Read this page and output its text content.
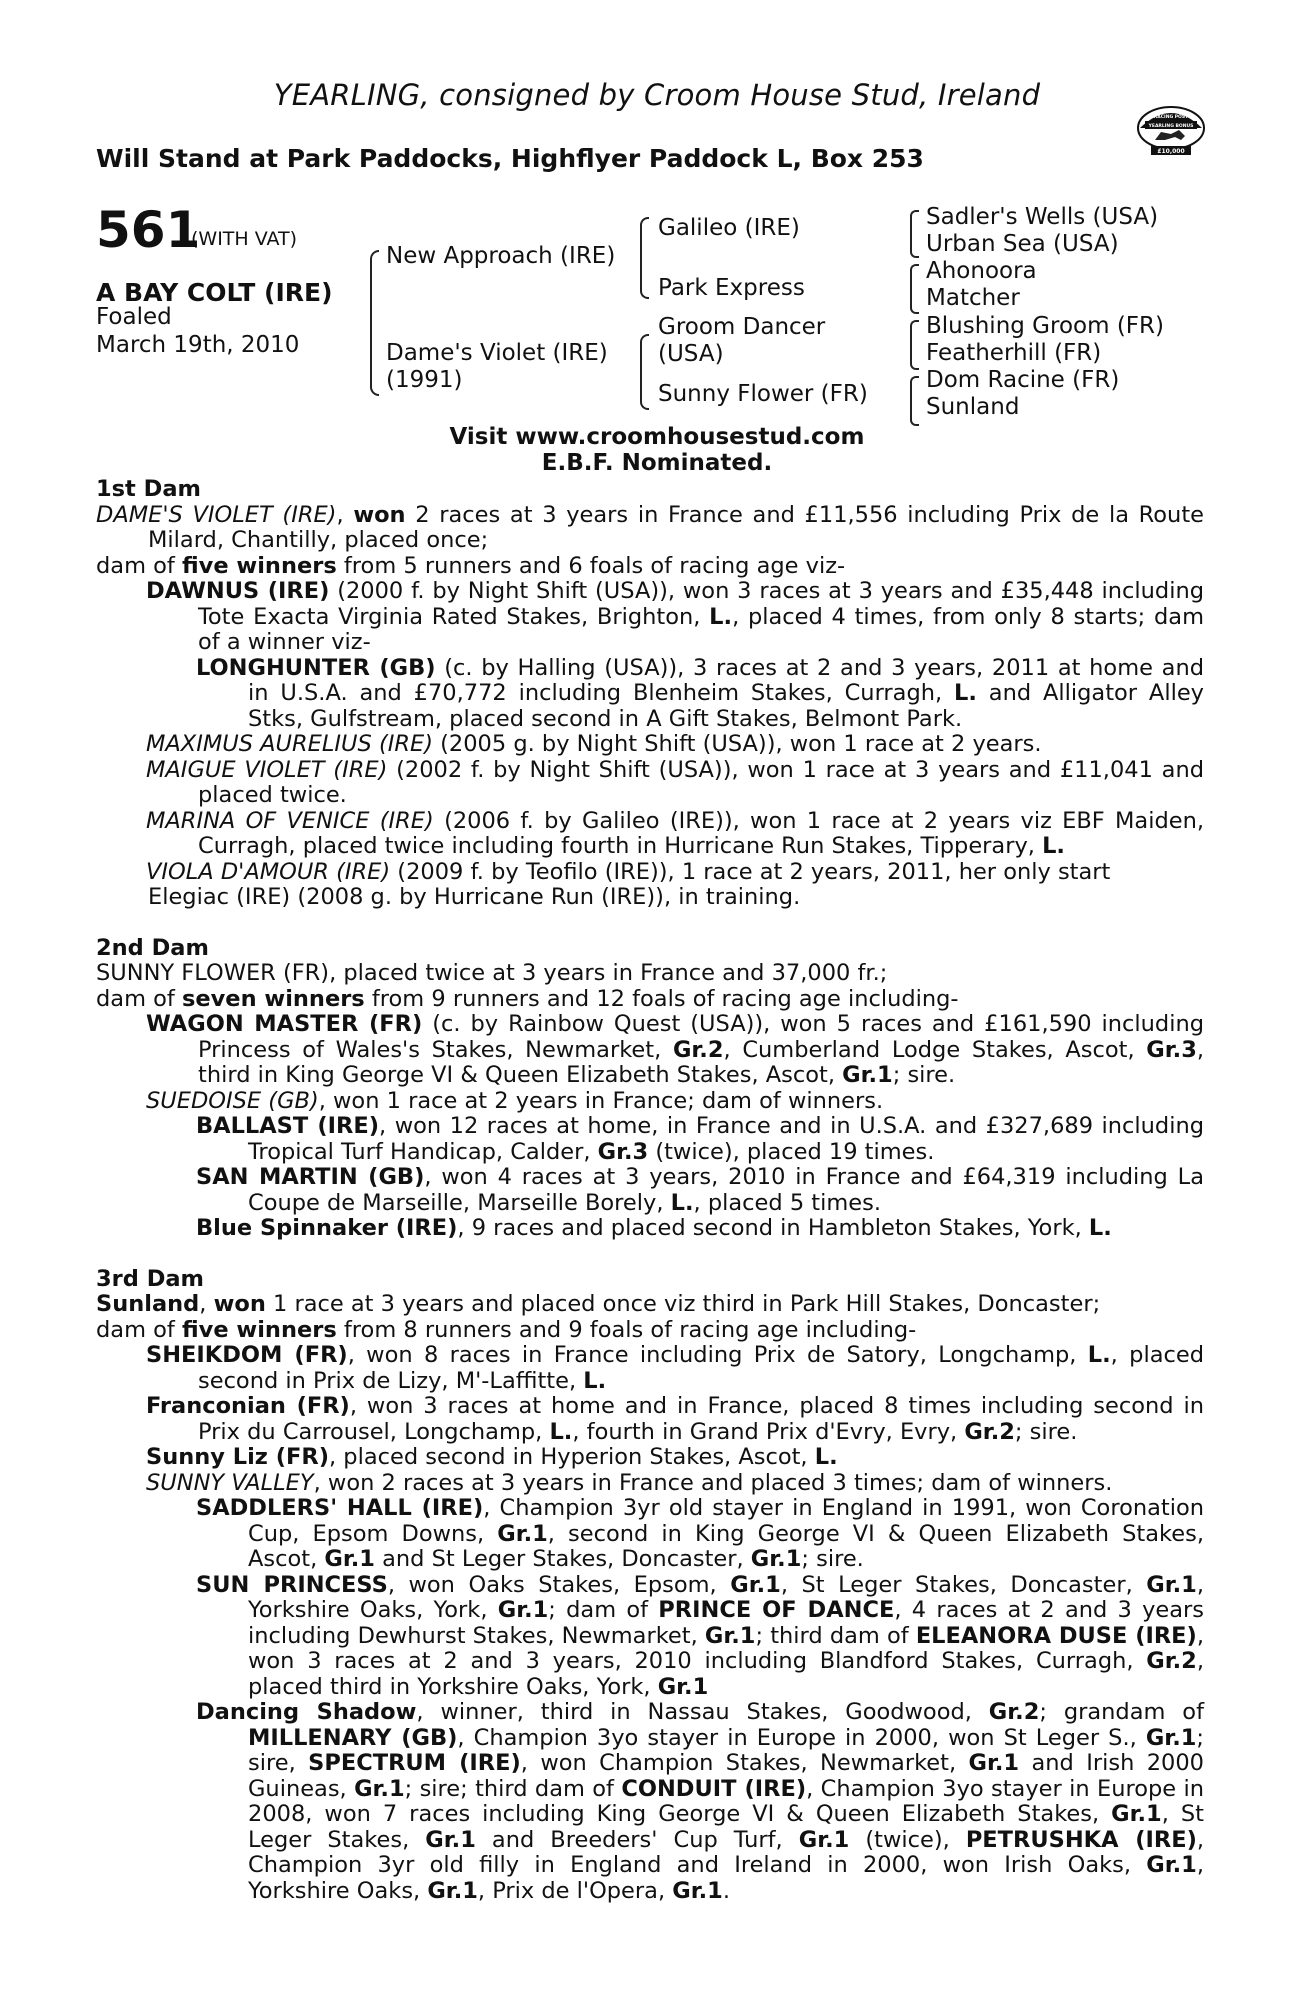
YEARLING, consigned by Croom House Stud, Ireland
Will Stand at Park Paddocks, Highflyer Paddock L, Box 253
RACING POST
YEARLING BONUS
£10,000
561
(WITH VAT)
A BAY COLT (IRE)
Foaled
March 19th, 2010
New Approach (IRE)
Dame's Violet (IRE)
(1991)
Galileo (IRE)
Park Express
Groom Dancer
(USA)
Sunny Flower (FR)
Sadler's Wells (USA)
Urban Sea (USA)
Ahonoora
Matcher
Blushing Groom (FR)
Featherhill (FR)
Dom Racine (FR)
Sunland
Visit www.croomhousestud.com
E.B.F. Nominated.
1st Dam
DAME'S VIOLET (IRE), won 2 races at 3 years in France and £11,556 including Prix de la Route Milard, Chantilly, placed once;
dam of five winners from 5 runners and 6 foals of racing age viz-
DAWNUS (IRE) (2000 f. by Night Shift (USA)), won 3 races at 3 years and £35,448 including Tote Exacta Virginia Rated Stakes, Brighton, L., placed 4 times, from only 8 starts; dam of a winner viz-
LONGHUNTER (GB) (c. by Halling (USA)), 3 races at 2 and 3 years, 2011 at home and in U.S.A. and £70,772 including Blenheim Stakes, Curragh, L. and Alligator Alley Stks, Gulfstream, placed second in A Gift Stakes, Belmont Park.
MAXIMUS AURELIUS (IRE) (2005 g. by Night Shift (USA)), won 1 race at 2 years.
MAIGUE VIOLET (IRE) (2002 f. by Night Shift (USA)), won 1 race at 3 years and £11,041 and placed twice.
MARINA OF VENICE (IRE) (2006 f. by Galileo (IRE)), won 1 race at 2 years viz EBF Maiden, Curragh, placed twice including fourth in Hurricane Run Stakes, Tipperary, L.
VIOLA D'AMOUR (IRE) (2009 f. by Teofilo (IRE)), 1 race at 2 years, 2011, her only start
Elegiac (IRE) (2008 g. by Hurricane Run (IRE)), in training.
2nd Dam
SUNNY FLOWER (FR), placed twice at 3 years in France and 37,000 fr.;
dam of seven winners from 9 runners and 12 foals of racing age including-
WAGON MASTER (FR) (c. by Rainbow Quest (USA)), won 5 races and £161,590 including Princess of Wales's Stakes, Newmarket, Gr.2, Cumberland Lodge Stakes, Ascot, Gr.3, third in King George VI & Queen Elizabeth Stakes, Ascot, Gr.1; sire.
SUEDOISE (GB), won 1 race at 2 years in France; dam of winners.
BALLAST (IRE), won 12 races at home, in France and in U.S.A. and £327,689 including Tropical Turf Handicap, Calder, Gr.3 (twice), placed 19 times.
SAN MARTIN (GB), won 4 races at 3 years, 2010 in France and £64,319 including La Coupe de Marseille, Marseille Borely, L., placed 5 times.
Blue Spinnaker (IRE), 9 races and placed second in Hambleton Stakes, York, L.
3rd Dam
Sunland, won 1 race at 3 years and placed once viz third in Park Hill Stakes, Doncaster;
dam of five winners from 8 runners and 9 foals of racing age including-
SHEIKDOM (FR), won 8 races in France including Prix de Satory, Longchamp, L., placed second in Prix de Lizy, M'-Laffitte, L.
Franconian (FR), won 3 races at home and in France, placed 8 times including second in Prix du Carrousel, Longchamp, L., fourth in Grand Prix d'Evry, Evry, Gr.2; sire.
Sunny Liz (FR), placed second in Hyperion Stakes, Ascot, L.
SUNNY VALLEY, won 2 races at 3 years in France and placed 3 times; dam of winners.
SADDLERS' HALL (IRE), Champion 3yr old stayer in England in 1991, won Coronation Cup, Epsom Downs, Gr.1, second in King George VI & Queen Elizabeth Stakes, Ascot, Gr.1 and St Leger Stakes, Doncaster, Gr.1; sire.
SUN PRINCESS, won Oaks Stakes, Epsom, Gr.1, St Leger Stakes, Doncaster, Gr.1, Yorkshire Oaks, York, Gr.1; dam of PRINCE OF DANCE, 4 races at 2 and 3 years including Dewhurst Stakes, Newmarket, Gr.1; third dam of ELEANORA DUSE (IRE), won 3 races at 2 and 3 years, 2010 including Blandford Stakes, Curragh, Gr.2, placed third in Yorkshire Oaks, York, Gr.1
Dancing Shadow, winner, third in Nassau Stakes, Goodwood, Gr.2; grandam of MILLENARY (GB), Champion 3yo stayer in Europe in 2000, won St Leger S., Gr.1; sire, SPECTRUM (IRE), won Champion Stakes, Newmarket, Gr.1 and Irish 2000 Guineas, Gr.1; sire; third dam of CONDUIT (IRE), Champion 3yo stayer in Europe in 2008, won 7 races including King George VI & Queen Elizabeth Stakes, Gr.1, St Leger Stakes, Gr.1 and Breeders' Cup Turf, Gr.1 (twice), PETRUSHKA (IRE), Champion 3yr old filly in England and Ireland in 2000, won Irish Oaks, Gr.1, Yorkshire Oaks, Gr.1, Prix de l'Opera, Gr.1.
